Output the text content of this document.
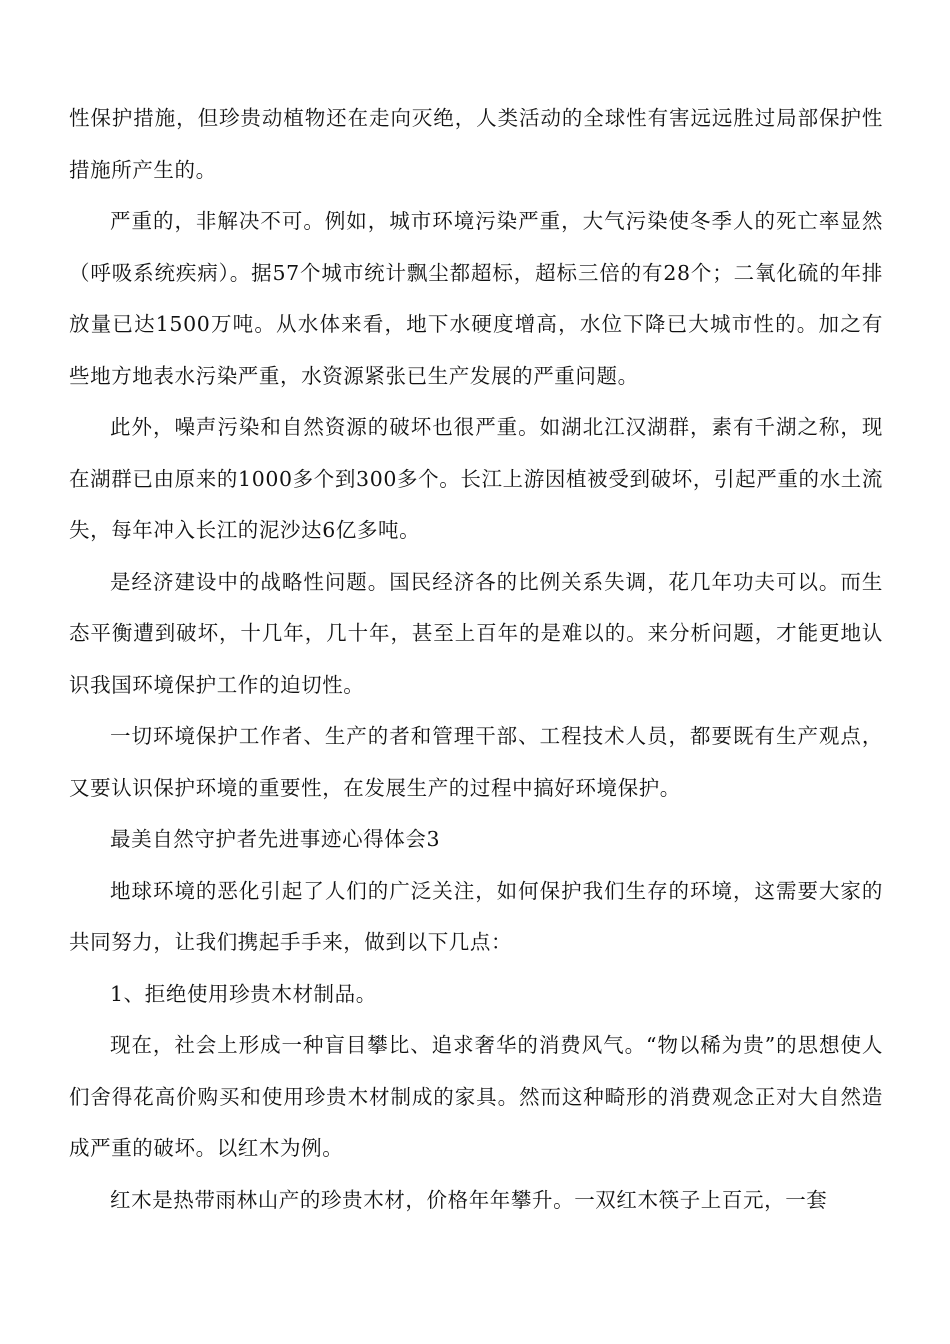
性保护措施，但珍贵动植物还在走向灭绝，人类活动的全球性有害远远胜过局部保护性措施所产生的。

严重的，非解决不可。例如，城市环境污染严重，大气污染使冬季人的死亡率显然（呼吸系统疾病）。据57个城市统计飘尘都超标，超标三倍的有28个；二氧化硫的年排放量已达1500万吨。从水体来看，地下水硬度增高，水位下降已大城市性的。加之有些地方地表水污染严重，水资源紧张已生产发展的严重问题。

此外，噪声污染和自然资源的破坏也很严重。如湖北江汉湖群，素有千湖之称，现在湖群已由原来的1000多个到300多个。长江上游因植被受到破坏，引起严重的水土流失，每年冲入长江的泥沙达6亿多吨。

是经济建设中的战略性问题。国民经济各的比例关系失调，花几年功夫可以。而生态平衡遭到破坏，十几年，几十年，甚至上百年的是难以的。来分析问题，才能更地认识我国环境保护工作的迫切性。

一切环境保护工作者、生产的者和管理干部、工程技术人员，都要既有生产观点，又要认识保护环境的重要性，在发展生产的过程中搞好环境保护。

最美自然守护者先进事迹心得体会3

地球环境的恶化引起了人们的广泛关注，如何保护我们生存的环境，这需要大家的共同努力，让我们携起手手来，做到以下几点：

1、拒绝使用珍贵木材制品。

现在，社会上形成一种盲目攀比、追求奢华的消费风气。“物以稀为贵”的思想使人们舍得花高价购买和使用珍贵木材制成的家具。然而这种畸形的消费观念正对大自然造成严重的破坏。以红木为例。

红木是热带雨林山产的珍贵木材，价格年年攀升。一双红木筷子上百元，一套
